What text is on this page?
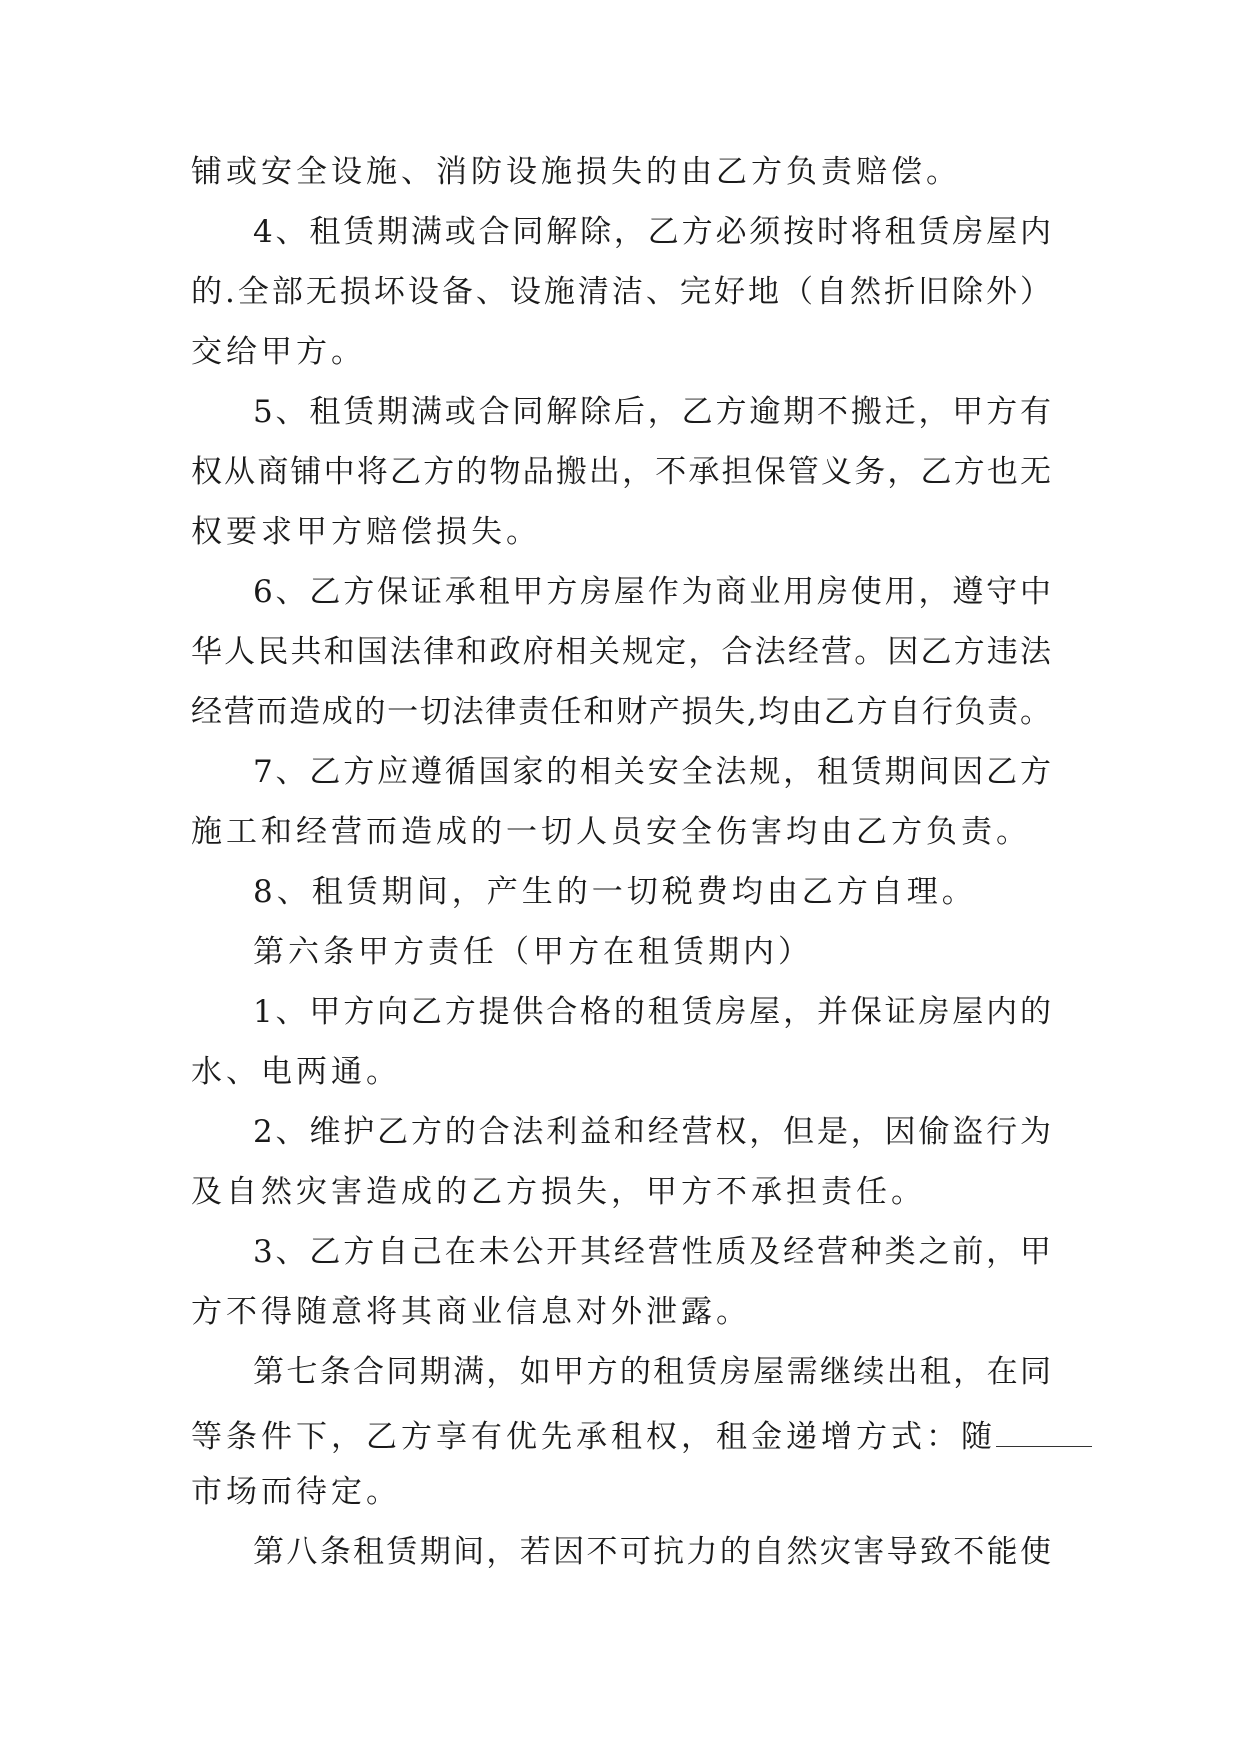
铺或安全设施、消防设施损失的由乙方负责赔偿。
4、租赁期满或合同解除，乙方必须按时将租赁房屋内
的.全部无损坏设备、设施清洁、完好地（自然折旧除外）
交给甲方。
5、租赁期满或合同解除后，乙方逾期不搬迁，甲方有
权从商铺中将乙方的物品搬出，不承担保管义务，乙方也无
权要求甲方赔偿损失。
6、乙方保证承租甲方房屋作为商业用房使用，遵守中
华人民共和国法律和政府相关规定，合法经营。因乙方违法
经营而造成的一切法律责任和财产损失,均由乙方自行负责。
7、乙方应遵循国家的相关安全法规，租赁期间因乙方
施工和经营而造成的一切人员安全伤害均由乙方负责。
8、租赁期间，产生的一切税费均由乙方自理。
第六条甲方责任（甲方在租赁期内）
1、甲方向乙方提供合格的租赁房屋，并保证房屋内的
水、电两通。
2、维护乙方的合法利益和经营权，但是，因偷盗行为
及自然灾害造成的乙方损失，甲方不承担责任。
3、乙方自己在未公开其经营性质及经营种类之前，甲
方不得随意将其商业信息对外泄露。
第七条合同期满，如甲方的租赁房屋需继续出租，在同
等条件下，乙方享有优先承租权，租金递增方式：随
市场而待定。
第八条租赁期间，若因不可抗力的自然灾害导致不能使
